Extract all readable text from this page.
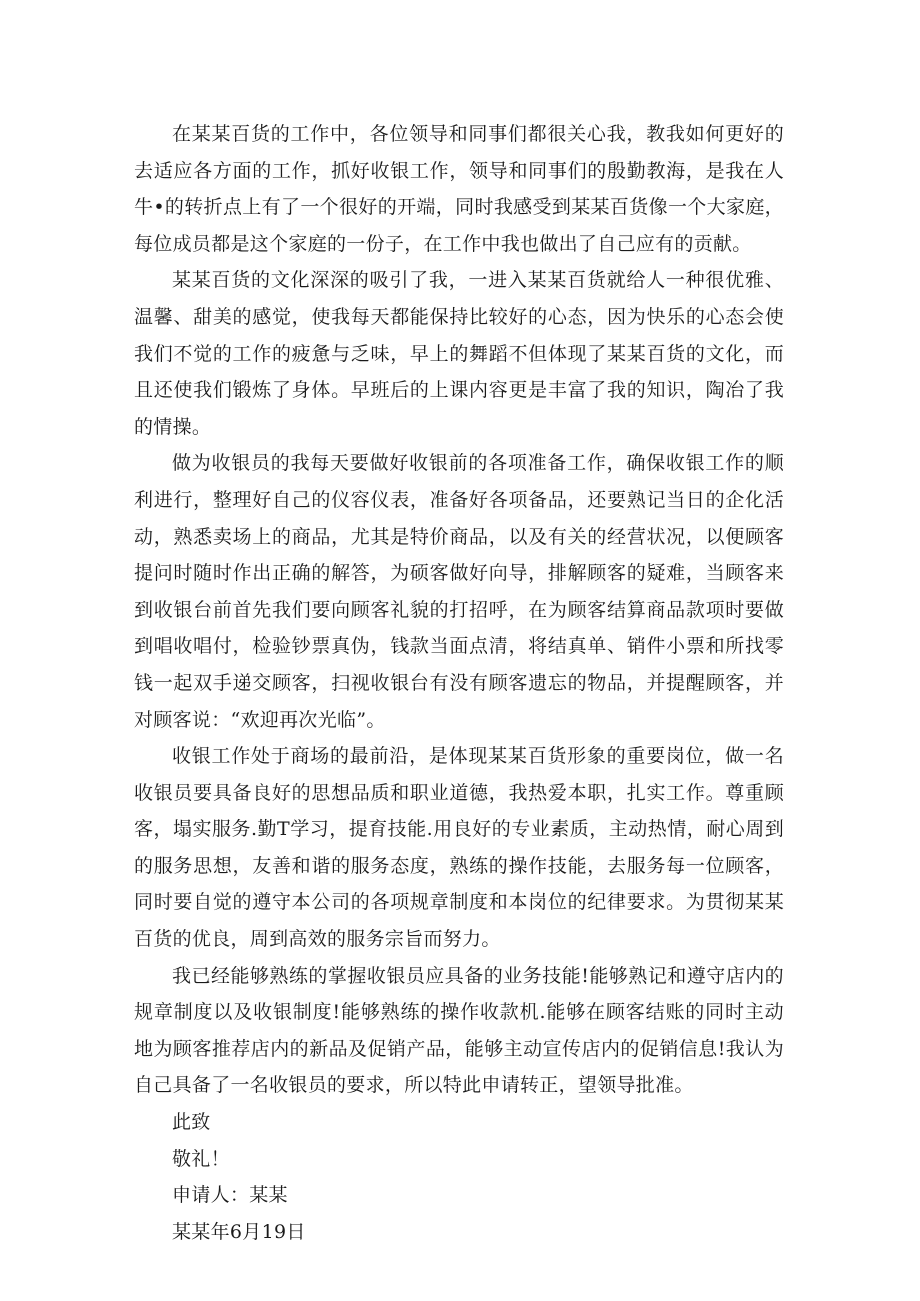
在某某百货的工作中，各位领导和同事们都很关心我，教我如何更好的去适应各方面的工作，抓好收银工作，领导和同事们的殷勤教海，是我在人牛•的转折点上有了一个很好的开端，同时我感受到某某百货像一个大家庭，每位成员都是这个家庭的一份子，在工作中我也做出了自己应有的贡献。

某某百货的文化深深的吸引了我，一进入某某百货就给人一种很优雅、温馨、甜美的感觉，使我每天都能保持比较好的心态，因为快乐的心态会使我们不觉的工作的疲惫与乏味，早上的舞蹈不但体现了某某百货的文化，而且还使我们锻炼了身体。早班后的上课内容更是丰富了我的知识，陶冶了我的情操。

做为收银员的我每天要做好收银前的各项准备工作，确保收银工作的顺利进行，整理好自己的仪容仪表，准备好各项备品，还要熟记当日的企化活动，熟悉卖场上的商品，尤其是特价商品，以及有关的经营状况，以便顾客提问时随时作出正确的解答，为硕客做好向导，排解顾客的疑难，当顾客来到收银台前首先我们要向顾客礼貌的打招呼，在为顾客结算商品款项时要做到唱收唱付，检验钞票真伪，钱款当面点清，将结真单、销件小票和所找零钱一起双手递交顾客，扫视收银台有没有顾客遗忘的物品，并提醒顾客，并对顾客说：“欢迎再次光临”。

收银工作处于商场的最前沿，是体现某某百货形象的重要岗位，做一名收银员要具备良好的思想品质和职业道德，我热爱本职，扎实工作。尊重顾客，塌实服务.勤T学习，提育技能.用良好的专业素质，主动热情，耐心周到的服务思想，友善和谐的服务态度，熟练的操作技能，去服务每一位顾客，同时要自觉的遵守本公司的各项规章制度和本岗位的纪律要求。为贯彻某某百货的优良，周到高效的服务宗旨而努力。

我已经能够熟练的掌握收银员应具备的业务技能!能够熟记和遵守店内的规章制度以及收银制度!能够熟练的操作收款机.能够在顾客结账的同时主动地为顾客推荐店内的新品及促销产品，能够主动宣传店内的促销信息!我认为自己具备了一名收银员的要求，所以特此申请转正，望领导批准。

此致

敬礼！

申请人：某某

某某年6月19日
